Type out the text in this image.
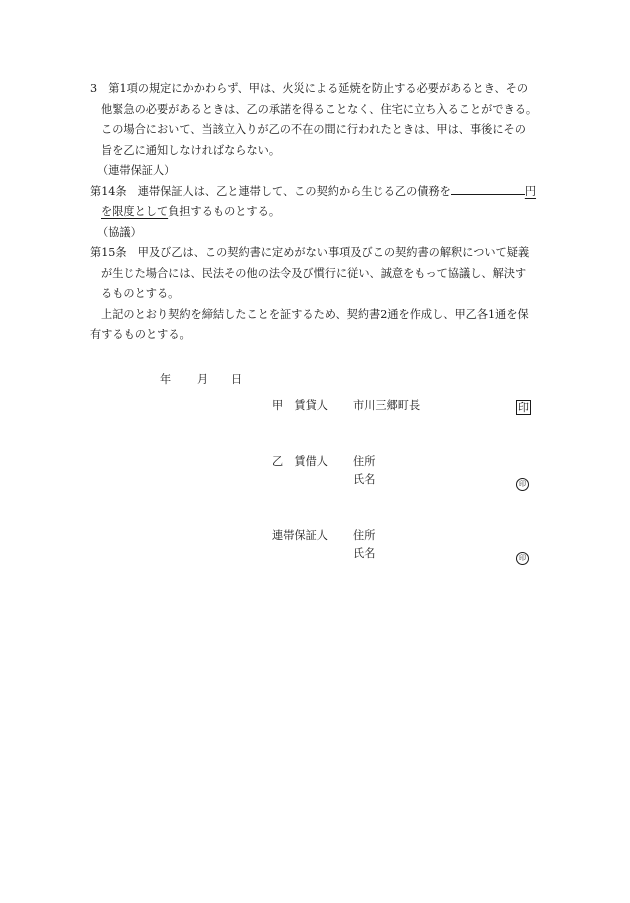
3　第1項の規定にかかわらず、甲は、火災による延焼を防止する必要があるとき、その
他緊急の必要があるときは、乙の承諾を得ることなく、住宅に立ち入ることができる。
この場合において、当該立入りが乙の不在の間に行われたときは、甲は、事後にその
旨を乙に通知しなければならない。
（連帯保証人）
第14条　連帯保証人は、乙と連帯して、この契約から生じる乙の債務を	円
を限度として負担するものとする。
（協議）
第15条　甲及び乙は、この契約書に定めがない事項及びこの契約書の解釈について疑義
が生じた場合には、民法その他の法令及び慣行に従い、誠意をもって協議し、解決す
るものとする。
上記のとおり契約を締結したことを証するため、契約書2通を作成し、甲乙各1通を保
有するものとする。
年 月 日
甲　賃貸人 市川三郷町長	印
乙　賃借人 住所
氏名	印
連帯保証人 住所
氏名	印
